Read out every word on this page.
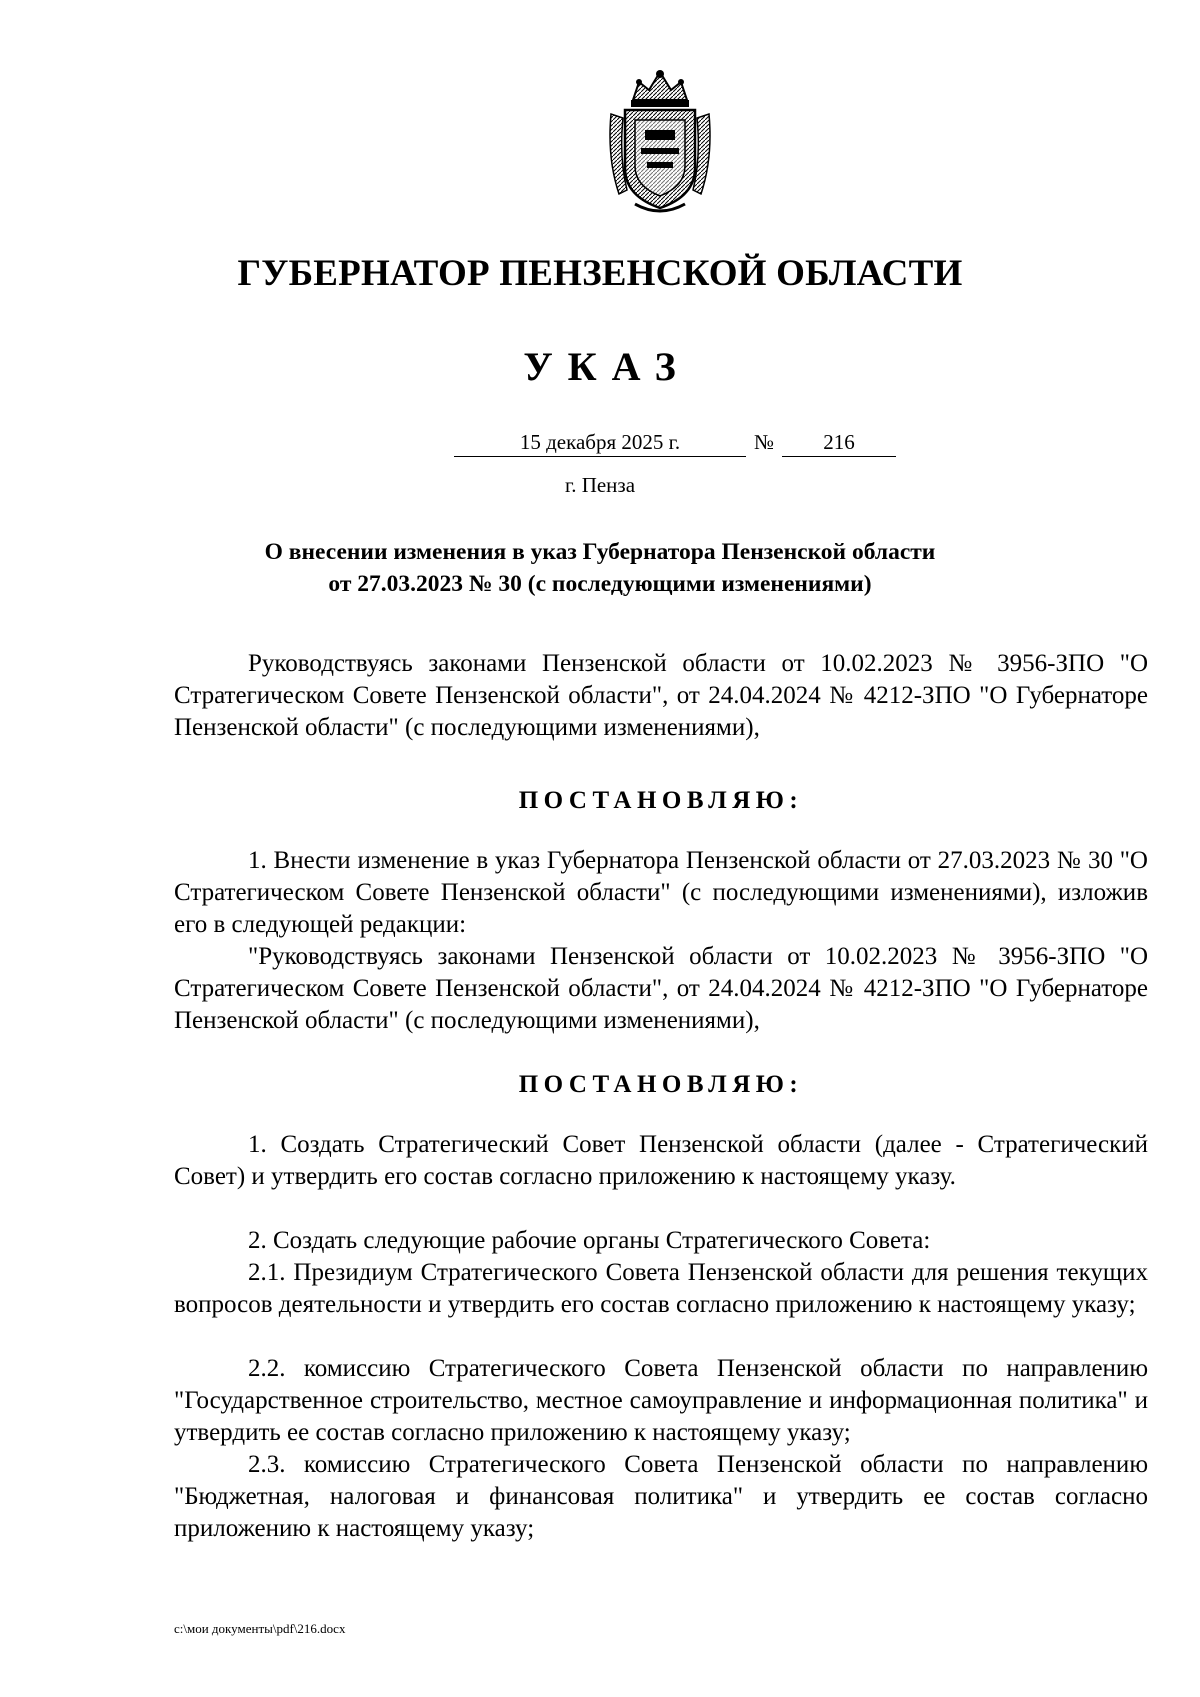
ГУБЕРНАТОР ПЕНЗЕНСКОЙ ОБЛАСТИ
УКАЗ
15 декабря 2025 г.	№	216
г. Пенза
О внесении изменения в указ Губернатора Пензенской области
от 27.03.2023 № 30 (с последующими изменениями)
Руководствуясь законами Пензенской области от 10.02.2023 № 3956-ЗПО "О Стратегическом Совете Пензенской области", от 24.04.2024 № 4212-ЗПО "О Губернаторе Пензенской области" (с последующими изменениями),
ПОСТАНОВЛЯЮ:
1. Внести изменение в указ Губернатора Пензенской области от 27.03.2023 № 30 "О Стратегическом Совете Пензенской области" (с последующими изменениями), изложив его в следующей редакции:
"Руководствуясь законами Пензенской области от 10.02.2023 № 3956-ЗПО "О Стратегическом Совете Пензенской области", от 24.04.2024 № 4212-ЗПО "О Губернаторе Пензенской области" (с последующими изменениями),
ПОСТАНОВЛЯЮ:
1. Создать Стратегический Совет Пензенской области (далее - Стратегический Совет) и утвердить его состав согласно приложению к настоящему указу.
2. Создать следующие рабочие органы Стратегического Совета:
2.1. Президиум Стратегического Совета Пензенской области для решения текущих вопросов деятельности и утвердить его состав согласно приложению к настоящему указу;
2.2. комиссию Стратегического Совета Пензенской области по направлению "Государственное строительство, местное самоуправление и информационная политика" и утвердить ее состав согласно приложению к настоящему указу;
2.3. комиссию Стратегического Совета Пензенской области по направлению "Бюджетная, налоговая и финансовая политика" и утвердить ее состав согласно приложению к настоящему указу;
c:\мои документы\pdf\216.docx
